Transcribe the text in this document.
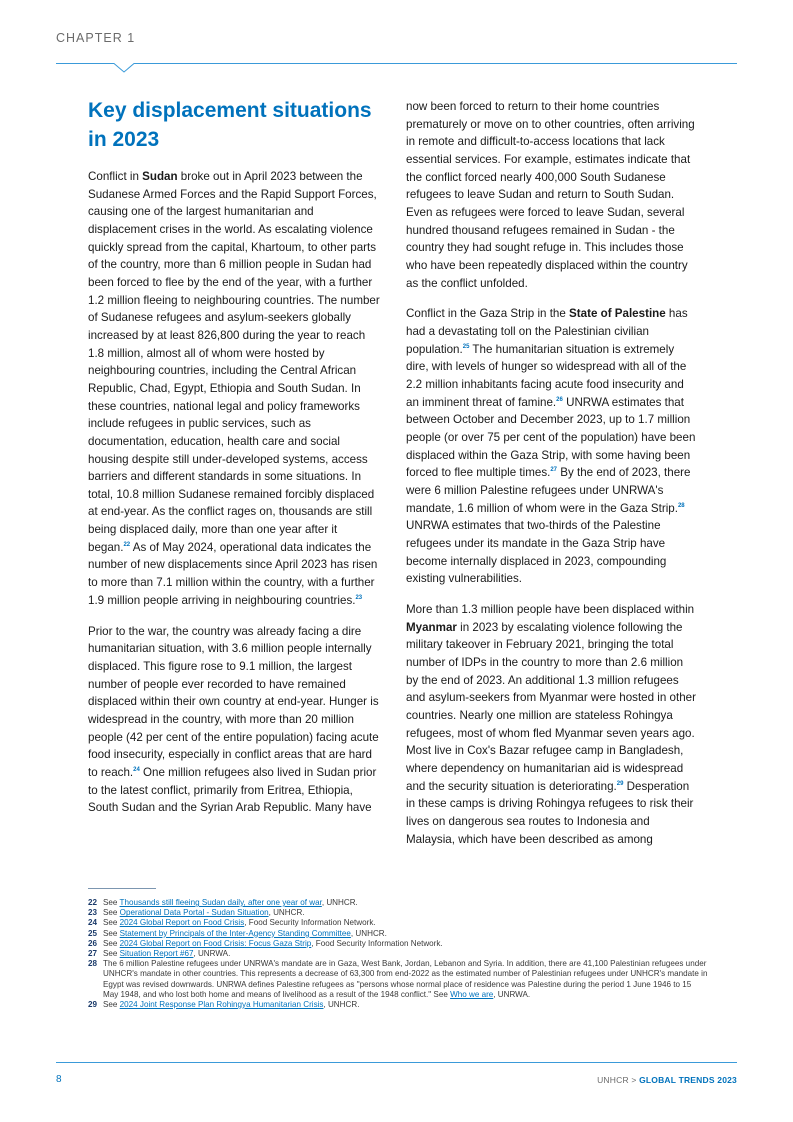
CHAPTER 1
Key displacement situations in 2023

Conflict in Sudan broke out in April 2023 between the Sudanese Armed Forces and the Rapid Support Forces, causing one of the largest humanitarian and displacement crises in the world. As escalating violence quickly spread from the capital, Khartoum, to other parts of the country, more than 6 million people in Sudan had been forced to flee by the end of the year, with a further 1.2 million fleeing to neighbouring countries. The number of Sudanese refugees and asylum-seekers globally increased by at least 826,800 during the year to reach 1.8 million, almost all of whom were hosted by neighbouring countries, including the Central African Republic, Chad, Egypt, Ethiopia and South Sudan. In these countries, national legal and policy frameworks include refugees in public services, such as documentation, education, health care and social housing despite still under-developed systems, access barriers and different standards in some situations. In total, 10.8 million Sudanese remained forcibly displaced at end-year. As the conflict rages on, thousands are still being displaced daily, more than one year after it began.$^{22}$ As of May 2024, operational data indicates the number of new displacements since April 2023 has risen to more than 7.1 million within the country, with a further 1.9 million people arriving in neighbouring countries.$^{23}$

Prior to the war, the country was already facing a dire humanitarian situation, with 3.6 million people internally displaced. This figure rose to 9.1 million, the largest number of people ever recorded to have remained displaced within their own country at end-year. Hunger is widespread in the country, with more than 20 million people (42 per cent of the entire population) facing acute food insecurity, especially in conflict areas that are hard to reach.$^{24}$ One million refugees also lived in Sudan prior to the latest conflict, primarily from Eritrea, Ethiopia, South Sudan and the Syrian Arab Republic. Many have

now been forced to return to their home countries prematurely or move on to other countries, often arriving in remote and difficult-to-access locations that lack essential services. For example, estimates indicate that the conflict forced nearly 400,000 South Sudanese refugees to leave Sudan and return to South Sudan. Even as refugees were forced to leave Sudan, several hundred thousand refugees remained in Sudan - the country they had sought refuge in. This includes those who have been repeatedly displaced within the country as the conflict unfolded.

Conflict in the Gaza Strip in the State of Palestine has had a devastating toll on the Palestinian civilian population.$^{25}$ The humanitarian situation is extremely dire, with levels of hunger so widespread with all of the 2.2 million inhabitants facing acute food insecurity and an imminent threat of famine.$^{26}$ UNRWA estimates that between October and December 2023, up to 1.7 million people (or over 75 per cent of the population) have been displaced within the Gaza Strip, with some having been forced to flee multiple times.$^{27}$ By the end of 2023, there were 6 million Palestine refugees under UNRWA's mandate, 1.6 million of whom were in the Gaza Strip.$^{28}$ UNRWA estimates that two-thirds of the Palestine refugees under its mandate in the Gaza Strip have become internally displaced in 2023, compounding existing vulnerabilities.

More than 1.3 million people have been displaced within Myanmar in 2023 by escalating violence following the military takeover in February 2021, bringing the total number of IDPs in the country to more than 2.6 million by the end of 2023. An additional 1.3 million refugees and asylum-seekers from Myanmar were hosted in other countries. Nearly one million are stateless Rohingya refugees, most of whom fled Myanmar seven years ago. Most live in Cox's Bazar refugee camp in Bangladesh, where dependency on humanitarian aid is widespread and the security situation is deteriorating.$^{29}$ Desperation in these camps is driving Rohingya refugees to risk their lives on dangerous sea routes to Indonesia and Malaysia, which have been described as among

22 See Thousands still fleeing Sudan daily, after one year of war, UNHCR.
23 See Operational Data Portal - Sudan Situation, UNHCR.
24 See 2024 Global Report on Food Crisis, Food Security Information Network.
25 See Statement by Principals of the Inter-Agency Standing Committee, UNHCR.
26 See 2024 Global Report on Food Crisis: Focus Gaza Strip, Food Security Information Network.
27 See Situation Report #67, UNRWA.
28 The 6 million Palestine refugees under UNRWA's mandate are in Gaza, West Bank, Jordan, Lebanon and Syria. In addition, there are 41,100 Palestinian refugees under UNHCR's mandate in other countries. This represents a decrease of 63,300 from end-2022 as the estimated number of Palestinian refugees under UNHCR's mandate in Egypt was revised downwards. UNRWA defines Palestine refugees as "persons whose normal place of residence was Palestine during the period 1 June 1946 to 15 May 1948, and who lost both home and means of livelihood as a result of the 1948 conflict." See Who we are, UNRWA.
29 See 2024 Joint Response Plan Rohingya Humanitarian Crisis, UNHCR.
8	UNHCR > GLOBAL TRENDS 2023
